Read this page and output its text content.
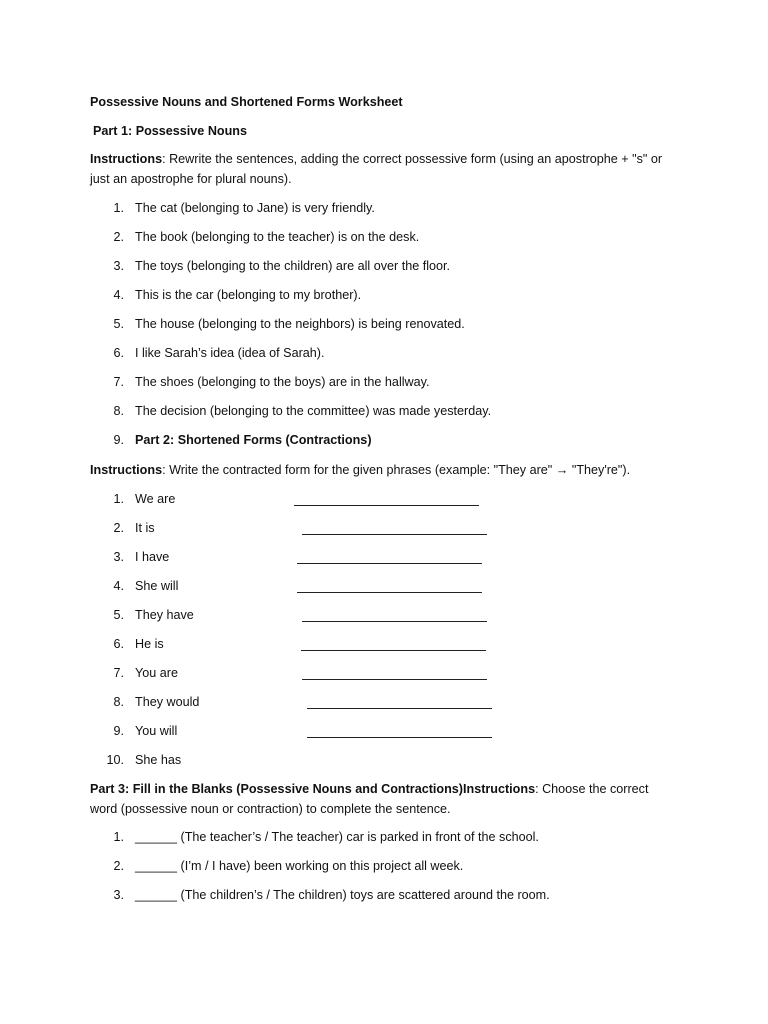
Possessive Nouns and Shortened Forms Worksheet
Part 1: Possessive Nouns
Instructions: Rewrite the sentences, adding the correct possessive form (using an apostrophe + "s" or just an apostrophe for plural nouns).
1. The cat (belonging to Jane) is very friendly.
2. The book (belonging to the teacher) is on the desk.
3. The toys (belonging to the children) are all over the floor.
4. This is the car (belonging to my brother).
5. The house (belonging to the neighbors) is being renovated.
6. I like Sarah’s idea (idea of Sarah).
7. The shoes (belonging to the boys) are in the hallway.
8. The decision (belonging to the committee) was made yesterday.
9. Part 2: Shortened Forms (Contractions)
Instructions: Write the contracted form for the given phrases (example: "They are" → "They're").
1. We are
2. It is
3. I have
4. She will
5. They have
6. He is
7. You are
8. They would
9. You will
10. She has
Part 3: Fill in the Blanks (Possessive Nouns and Contractions)Instructions: Choose the correct word (possessive noun or contraction) to complete the sentence.
1. ______ (The teacher’s / The teacher) car is parked in front of the school.
2. ______ (I’m / I have) been working on this project all week.
3. ______ (The children’s / The children) toys are scattered around the room.
